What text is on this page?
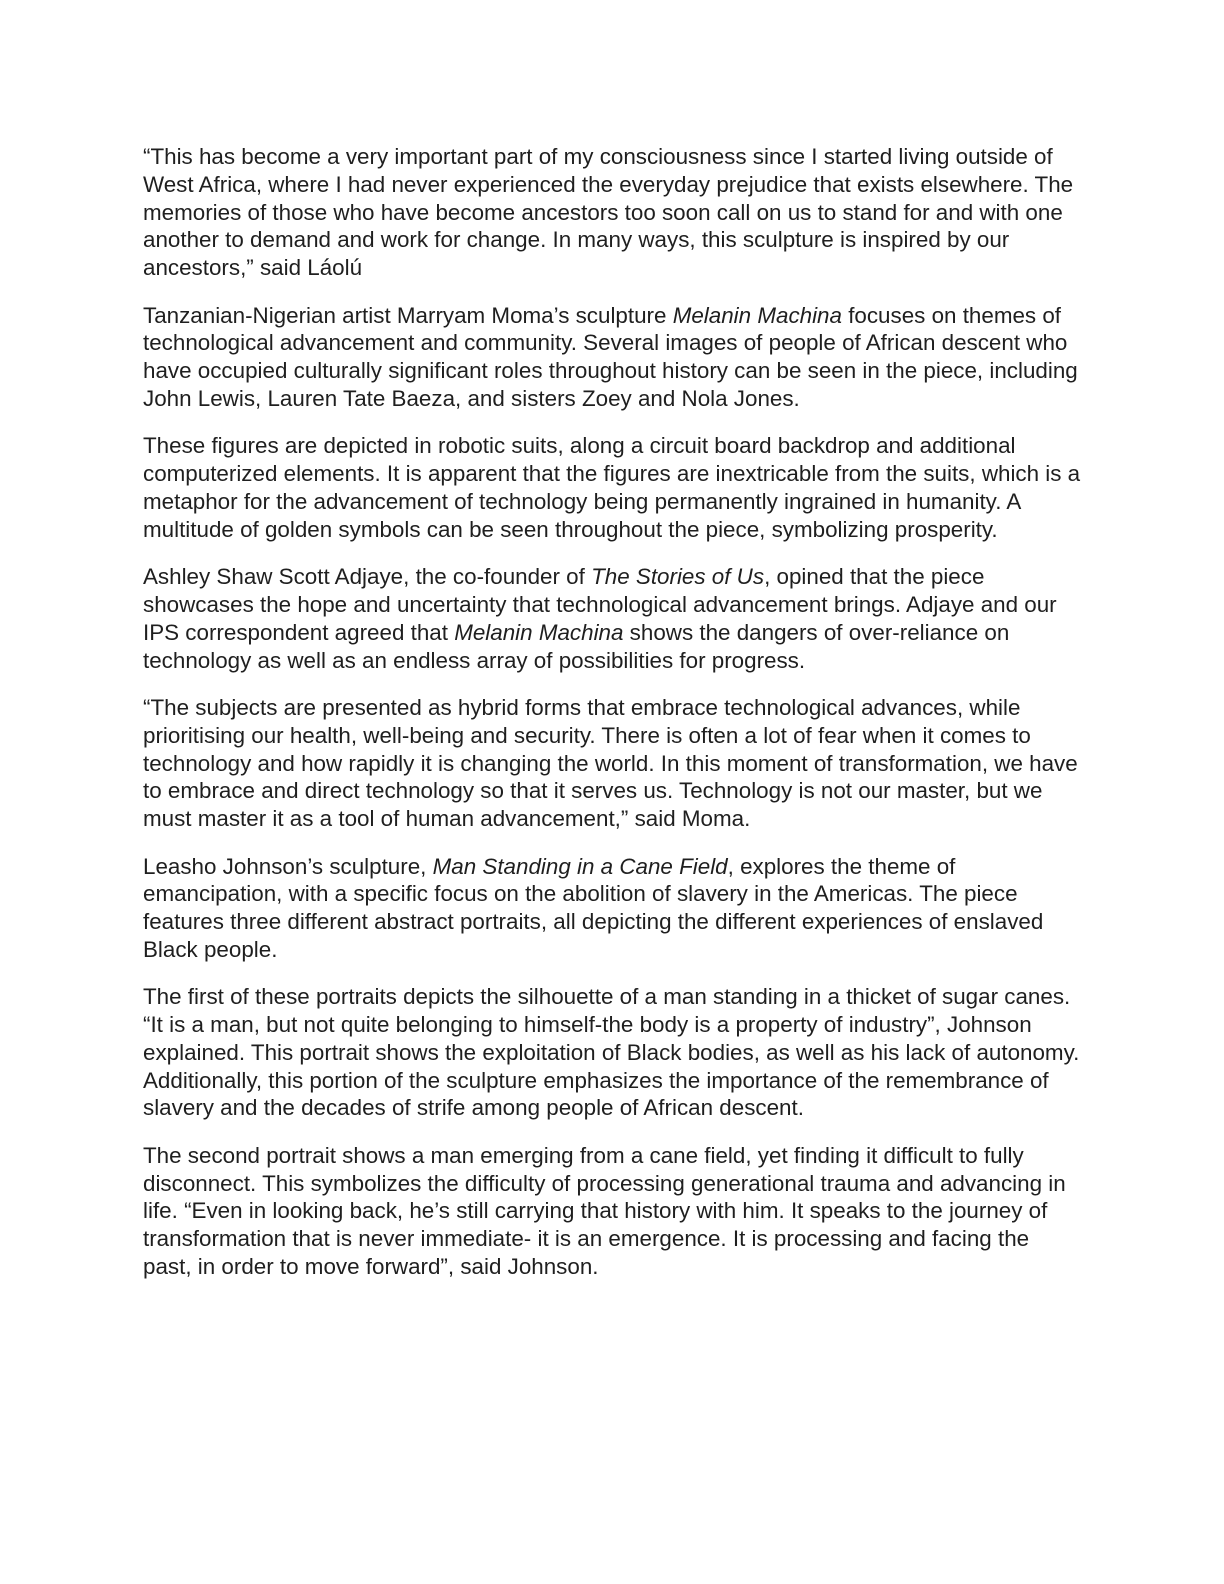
“This has become a very important part of my consciousness since I started living outside of West Africa, where I had never experienced the everyday prejudice that exists elsewhere. The memories of those who have become ancestors too soon call on us to stand for and with one another to demand and work for change. In many ways, this sculpture is inspired by our ancestors,” said Láolú

Tanzanian-Nigerian artist Marryam Moma’s sculpture Melanin Machina focuses on themes of technological advancement and community. Several images of people of African descent who have occupied culturally significant roles throughout history can be seen in the piece, including John Lewis, Lauren Tate Baeza, and sisters Zoey and Nola Jones.

These figures are depicted in robotic suits, along a circuit board backdrop and additional computerized elements. It is apparent that the figures are inextricable from the suits, which is a metaphor for the advancement of technology being permanently ingrained in humanity. A multitude of golden symbols can be seen throughout the piece, symbolizing prosperity.

Ashley Shaw Scott Adjaye, the co-founder of The Stories of Us, opined that the piece showcases the hope and uncertainty that technological advancement brings. Adjaye and our IPS correspondent agreed that Melanin Machina shows the dangers of over-reliance on technology as well as an endless array of possibilities for progress.

“The subjects are presented as hybrid forms that embrace technological advances, while prioritising our health, well-being and security. There is often a lot of fear when it comes to technology and how rapidly it is changing the world. In this moment of transformation, we have to embrace and direct technology so that it serves us. Technology is not our master, but we must master it as a tool of human advancement,” said Moma.

Leasho Johnson’s sculpture, Man Standing in a Cane Field, explores the theme of emancipation, with a specific focus on the abolition of slavery in the Americas. The piece features three different abstract portraits, all depicting the different experiences of enslaved Black people.

The first of these portraits depicts the silhouette of a man standing in a thicket of sugar canes. “It is a man, but not quite belonging to himself-the body is a property of industry”, Johnson explained. This portrait shows the exploitation of Black bodies, as well as his lack of autonomy. Additionally, this portion of the sculpture emphasizes the importance of the remembrance of slavery and the decades of strife among people of African descent.

The second portrait shows a man emerging from a cane field, yet finding it difficult to fully disconnect. This symbolizes the difficulty of processing generational trauma and advancing in life. “Even in looking back, he’s still carrying that history with him. It speaks to the journey of transformation that is never immediate- it is an emergence. It is processing and facing the past, in order to move forward”, said Johnson.
